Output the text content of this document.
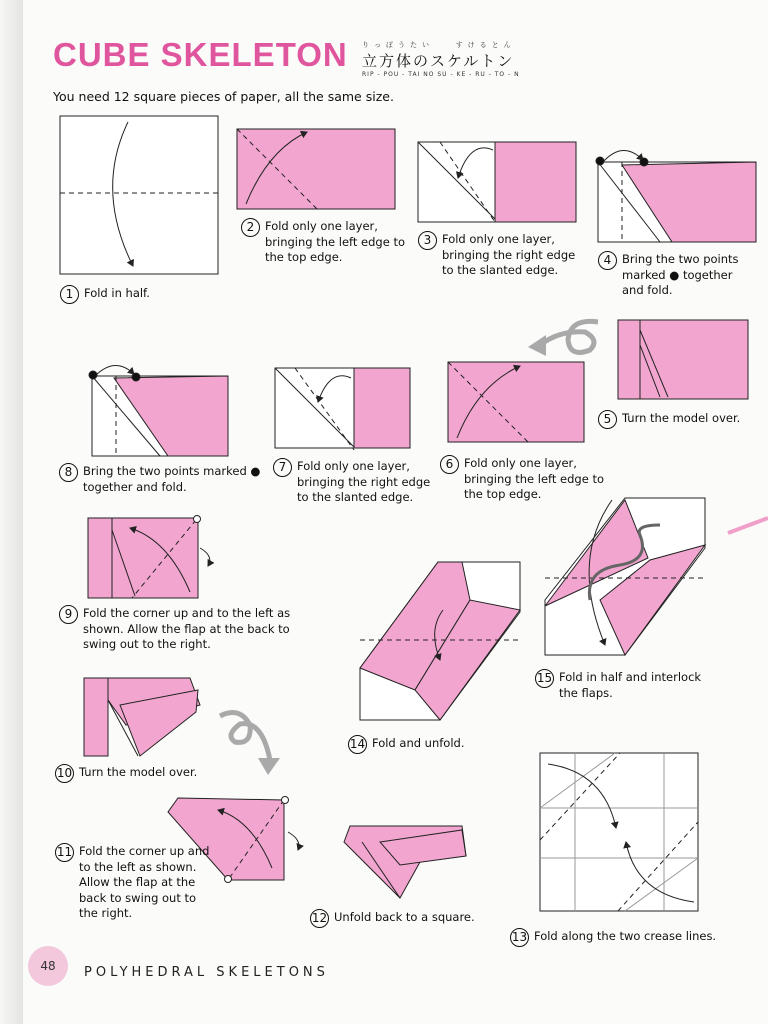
CUBE SKELETON りっぽうたい	すけるとん
立方体のスケルトン
RIP - POU - TAI NO SU - KE - RU - TO - N
You need 12 square pieces of paper, all the same size.
1 Fold in half.
2 Fold only one layer, bringing the left edge to the top edge.
3 Fold only one layer, bringing the right edge to the slanted edge.
4 Bring the two points marked ● together and fold.
5 Turn the model over.
6 Fold only one layer, bringing the left edge to the top edge.
7 Fold only one layer, bringing the right edge to the slanted edge.
8 Bring the two points marked ● together and fold.
9 Fold the corner up and to the left as shown. Allow the flap at the back to swing out to the right.
10 Turn the model over.
11 Fold the corner up and to the left as shown. Allow the flap at the back to swing out to the right.	12 Unfold back to a square.
13 Fold along the two crease lines.
14 Fold and unfold.
15 Fold in half and interlock the flaps.
48	POLYHEDRAL SKELETONS
